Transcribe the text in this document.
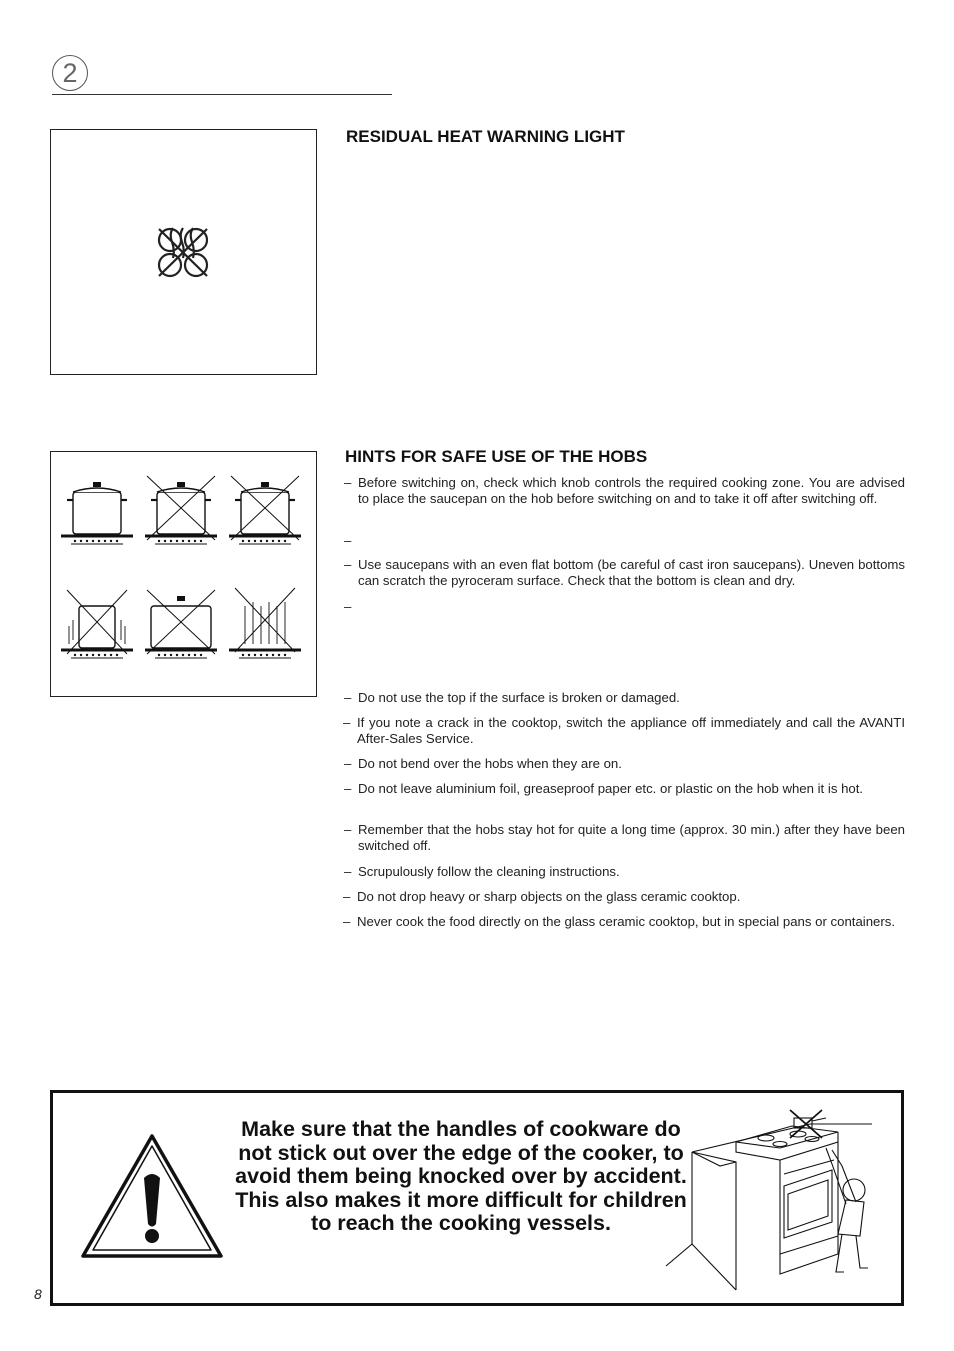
2
RESIDUAL HEAT WARNING LIGHT
HINTS FOR SAFE USE OF THE HOBS
– Before switching on, check which knob controls the required cooking zone. You are advised to place the saucepan on the hob before switching on and to take it off after switching off.
–
– Use saucepans with an even flat bottom (be careful of cast iron saucepans). Uneven bottoms can scratch the pyroceram surface. Check that the bottom is clean and dry.
–
– Do not use the top if the surface is broken or damaged.
– If you note a crack in the cooktop, switch the appliance off immediately and call the AVANTI After-Sales Service.
– Do not bend over the hobs when they are on.
– Do not leave aluminium foil, greaseproof paper etc. or plastic on the hob when it is hot.
– Remember that the hobs stay hot for quite a long time (approx. 30 min.) after they have been switched off.
– Scrupulously follow the cleaning instructions.
– Do not drop heavy or sharp objects on the glass ceramic cooktop.
– Never cook the food directly on the glass ceramic cooktop, but in special pans or containers.
Make sure that the handles of cookware do not stick out over the edge of the cooker, to avoid them being knocked over by accident. This also makes it more difficult for children to reach the cooking vessels.
8
